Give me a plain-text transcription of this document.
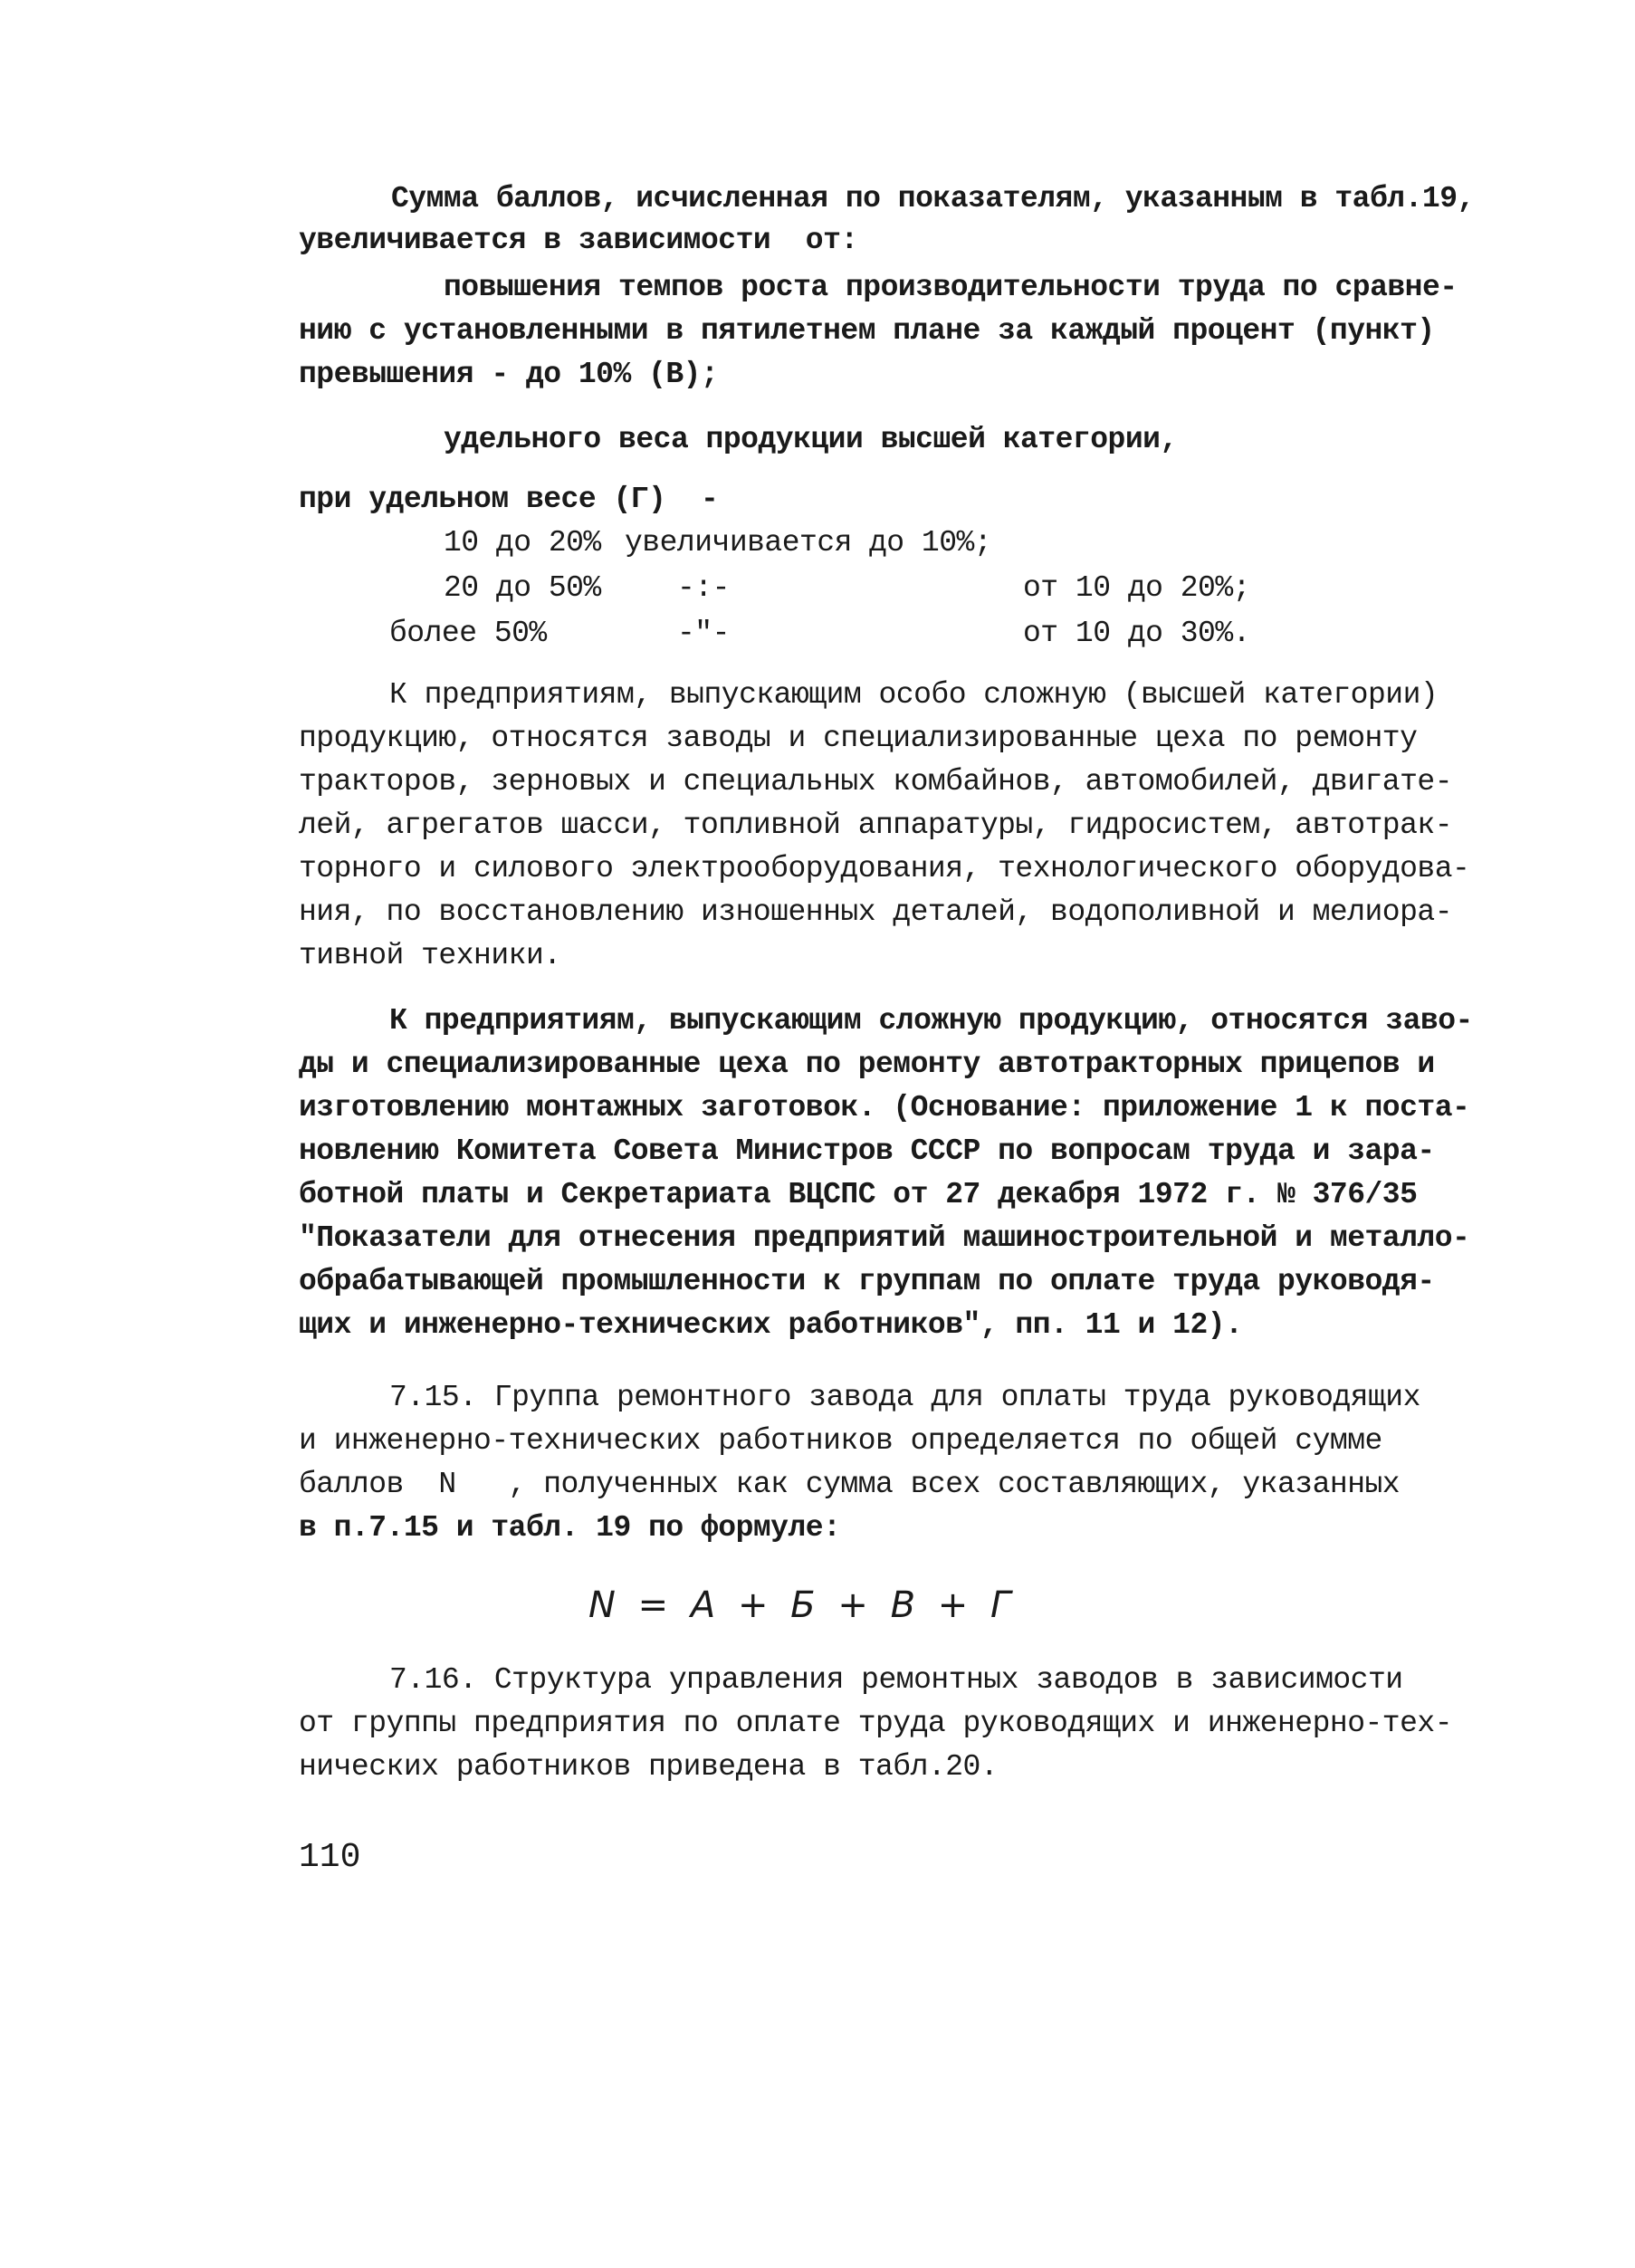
Сумма баллов, исчисленная по показателям, указанным в табл.19,
увеличивается в зависимости  от:
повышения темпов роста производительности труда по сравне-
нию с установленными в пятилетнем плане за каждый процент (пункт)
превышения - до 10% (В);
удельного веса продукции высшей категории,
при удельном весе (Г)  -
10 до 20% увеличивается до 10%;
20 до 50%	-:-	от 10 до 20%;
более 50%	-"-	от 10 до 30%.
К предприятиям, выпускающим особо сложную (высшей категории)
продукцию, относятся заводы и специализированные цеха по ремонту
тракторов, зерновых и специальных комбайнов, автомобилей, двигате-
лей, агрегатов шасси, топливной аппаратуры, гидросистем, автотрак-
торного и силового электрооборудования, технологического оборудова-
ния, по восстановлению изношенных деталей, водополивной и мелиора-
тивной техники.
К предприятиям, выпускающим сложную продукцию, относятся заво-
ды и специализированные цеха по ремонту автотракторных прицепов и
изготовлению монтажных заготовок. (Основание: приложение 1 к поста-
новлению Комитета Совета Министров СССР по вопросам труда и зара-
ботной платы и Секретариата ВЦСПС от 27 декабря 1972 г. № 376/35
"Показатели для отнесения предприятий машиностроительной и металло-
обрабатывающей промышленности к группам по оплате труда руководя-
щих и инженерно-технических работников", пп. 11 и 12).
7.15. Группа ремонтного завода для оплаты труда руководящих
и инженерно-технических работников определяется по общей сумме
баллов  N   , полученных как сумма всех составляющих, указанных
в п.7.15 и табл. 19 по формуле:
N = A + Б + В + Г
7.16. Структура управления ремонтных заводов в зависимости
от группы предприятия по оплате труда руководящих и инженерно-тех-
нических работников приведена в табл.20.
110
